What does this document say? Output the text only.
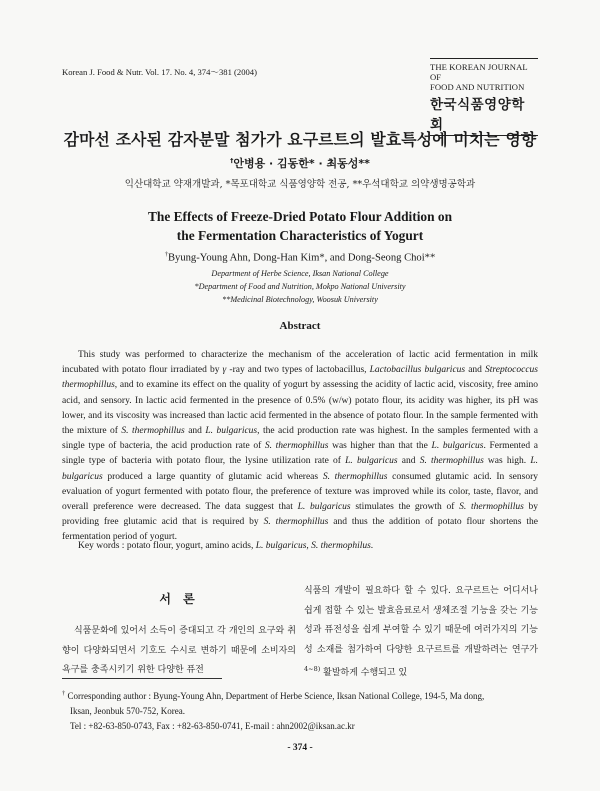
Korean J. Food & Nutr. Vol. 17. No. 4, 374～381 (2004)	THE KOREAN JOURNAL OF
FOOD AND NUTRITION
한국식품영양학회
감마선 조사된 감자분말 첨가가 요구르트의 발효특성에 미치는 영향
†안병용 · 김동한* · 최동성**
익산대학교 약재개발과, *목포대학교 식품영양학 전공, **우석대학교 의약생명공학과
The Effects of Freeze-Dried Potato Flour Addition on
the Fermentation Characteristics of Yogurt
†Byung-Young Ahn, Dong-Han Kim*, and Dong-Seong Choi**
Department of Herbe Science, Iksan National College
*Department of Food and Nutrition, Mokpo National University
**Medicinal Biotechnology, Woosuk University
Abstract

This study was performed to characterize the mechanism of the acceleration of lactic acid fermentation in milk incubated with potato flour irradiated by γ -ray and two types of lactobacillus, Lactobacillus bulgaricus and Streptococcus thermophillus, and to examine its effect on the quality of yogurt by assessing the acidity of lactic acid, viscosity, free amino acid, and sensory. In lactic acid fermented in the presence of 0.5% (w/w) potato flour, its acidity was higher, its pH was lower, and its viscosity was increased than lactic acid fermented in the absence of potato flour. In the sample fermented with the mixture of S. thermophillus and L. bulgaricus, the acid production rate was highest. In the samples fermented with a single type of bacteria, the acid production rate of S. thermophillus was higher than that the L. bulgaricus. Fermented a single type of bacteria with potato flour, the lysine utilization rate of L. bulgaricus and S. thermophillus was high. L. bulgaricus produced a large quantity of glutamic acid whereas S. thermophillus consumed glutamic acid. In sensory evaluation of yogurt fermented with potato flour, the preference of texture was improved while its color, taste, flavor, and overall preference were decreased. The data suggest that L. bulgaricus stimulates the growth of S. thermophillus by providing free glutamic acid that is required by S. thermophillus and thus the addition of potato flour shortens the fermentation period of yogurt.

Key words : potato flour, yogurt, amino acids, L. bulgaricus, S. thermophilus.
서 론

식품문화에 있어서 소득이 증대되고 각 개인의 요구와 취향이 다양화되면서 기호도 수시로 변하기 때문에 소비자의 욕구를 충족시키기 위한 다양한 퓨전

식품의 개발이 필요하다 할 수 있다. 요구르트는 어디서나 쉽게 접할 수 있는 발효음료로서 생체조절 기능을 갖는 기능성과 퓨전성을 쉽게 부여할 수 있기 때문에 여러가지의 기능성 소재를 첨가하여 다양한 요구르트를 개발하려는 연구가$^{4\sim 8)}$ 활발하게 수행되고 있

† Corresponding author : Byung-Young Ahn, Department of Herbe Science, Iksan National College, 194-5, Ma dong,
Iksan, Jeonbuk 570-752, Korea.
Tel : +82-63-850-0743, Fax : +82-63-850-0741, E-mail : ahn2002@iksan.ac.kr
- 374 -
